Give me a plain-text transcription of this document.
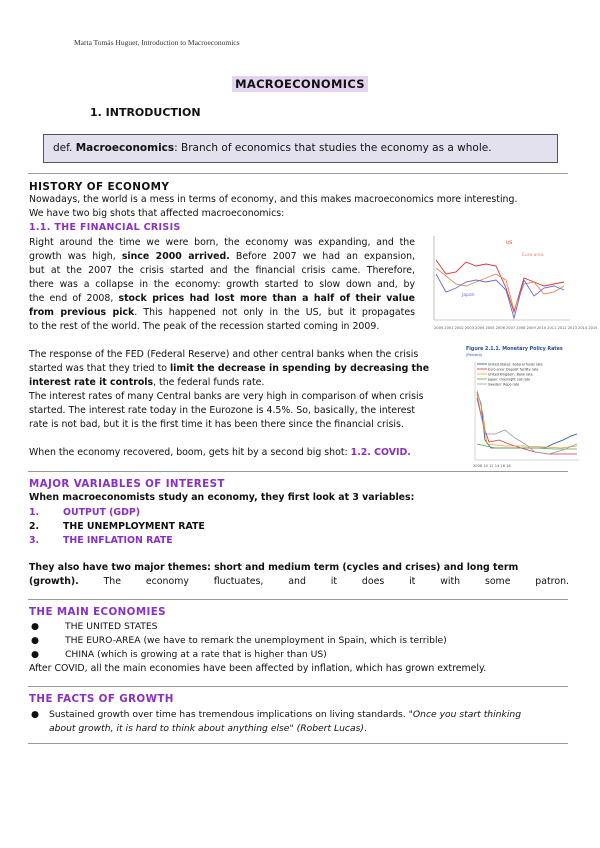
Marta Tomás Huguet, Introduction to Macroeconomics
MACROECONOMICS
1. INTRODUCTION
def. Macroeconomics: Branch of economics that studies the economy as a whole.
HISTORY OF ECONOMY
Nowadays, the world is a mess in terms of economy, and this makes macroeconomics more interesting.
We have two big shots that affected macroeconomics:
1.1. THE FINANCIAL CRISIS
Right around the time we were born, the economy was expanding, and the
growth was high, since 2000 arrived. Before 2007 we had an expansion,
but at the 2007 the crisis started and the financial crisis came. Therefore,
there was a collapse in the economy: growth started to slow down and, by
the end of 2008, stock prices had lost more than a half of their value
from previous pick. This happened not only in the US, but it propagates
to the rest of the world. The peak of the recession started coming in 2009.
US
Euro area
Japan
2000 2001 2002 2003 2004 2005 2006 2007 2008 2009 2010 2011 2012 2013 2014 2015
The response of the FED (Federal Reserve) and other central banks when the crisis
started was that they tried to limit the decrease in spending by decreasing the
interest rate it controls, the federal funds rate.
The interest rates of many Central banks are very high in comparison of when crisis
started. The interest rate today in the Eurozone is 4.5%. So, basically, the interest
rate is not bad, but it is the first time it has been there since the financial crisis.
When the economy recovered, boom, gets hit by a second big shot: 1.2. COVID.
Figure 2.1.1. Monetary Policy Rates
(Percent)
United States: Federal funds rate
Euro area: Deposit facility rate
United Kingdom: Bank rate
Japan: Overnight call rate
Sweden: Repo rate
2008 10 12 14 16 18
MAJOR VARIABLES OF INTEREST
When macroeconomists study an economy, they first look at 3 variables:
1.	OUTPUT (GDP)
2.	THE UNEMPLOYMENT RATE
3.	THE INFLATION RATE
They also have two major themes: short and medium term (cycles and crises) and long term
(growth). The economy fluctuates, and it does it with some patron.
THE MAIN ECONOMIES
●	THE UNITED STATES
●	THE EURO-AREA (we have to remark the unemployment in Spain, which is terrible)
●	CHINA (which is growing at a rate that is higher than US)
After COVID, all the main economies have been affected by inflation, which has grown extremely.
THE FACTS OF GROWTH
● Sustained growth over time has tremendous implications on living standards. "Once you start thinking
about growth, it is hard to think about anything else" (Robert Lucas).
